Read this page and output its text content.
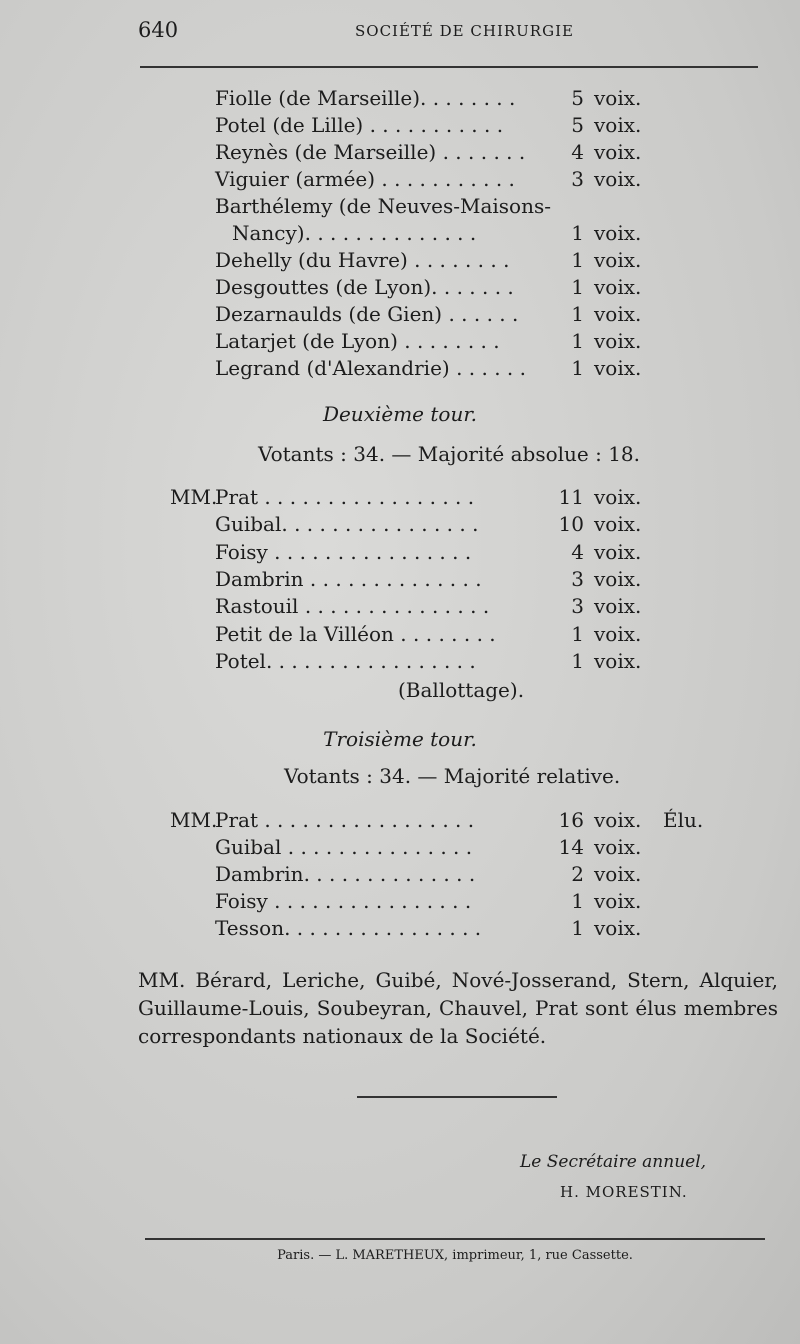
640	SOCIÉTÉ DE CHIRURGIE
Fiolle (de Marseille). . . . . . . .	5 voix.
Potel (de Lille) . . . . . . . . . . .	5 voix.
Reynès (de Marseille) . . . . . . .	4 voix.
Viguier (armée) . . . . . . . . . . .	3 voix.
Barthélemy (de Neuves-Maisons-
Nancy). . . . . . . . . . . . . .	1 voix.
Dehelly (du Havre) . . . . . . . .	1 voix.
Desgouttes (de Lyon). . . . . . .	1 voix.
Dezarnaulds (de Gien) . . . . . .	1 voix.
Latarjet (de Lyon) . . . . . . . .	1 voix.
Legrand (d'Alexandrie) . . . . . .	1 voix.
Deuxième tour.
Votants : 34. — Majorité absolue : 18.
MM.
Prat . . . . . . . . . . . . . . . . .	11 voix.
Guibal. . . . . . . . . . . . . . . .	10 voix.
Foisy . . . . . . . . . . . . . . . .	4 voix.
Dambrin . . . . . . . . . . . . . .	3 voix.
Rastouil . . . . . . . . . . . . . . .	3 voix.
Petit de la Villéon . . . . . . . .	1 voix.
Potel. . . . . . . . . . . . . . . . .	1 voix.
(Ballottage).
Troisième tour.
Votants : 34. — Majorité relative.
MM.
Prat . . . . . . . . . . . . . . . . .	16 voix. Élu.
Guibal . . . . . . . . . . . . . . .	14 voix.
Dambrin. . . . . . . . . . . . . .	2 voix.
Foisy . . . . . . . . . . . . . . . .	1 voix.
Tesson. . . . . . . . . . . . . . . .	1 voix.

MM. Bérard, Leriche, Guibé, Nové-Josserand, Stern, Alquier, Guillaume-Louis, Soubeyran, Chauvel, Prat sont élus membres correspondants nationaux de la Société.

Le Secrétaire annuel,
H. MORESTIN.
Paris. — L. MARETHEUX, imprimeur, 1, rue Cassette.
